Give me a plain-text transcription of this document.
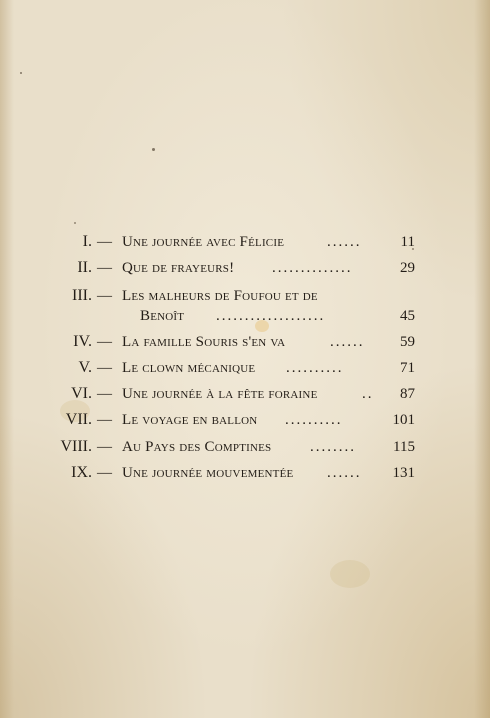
I. — Une journée avec Félicie	......	11
II. — Que de frayeurs!	..............	29
III. — Les malheurs de Foufou et de
Benoît ...................	45
IV. — La famille Souris s'en va	...... 59
V. — Le clown mécanique ..........	71
VI. — Une journée à la fête foraine	.. 87
VII. — Le voyage en ballon ..........	101
VIII. — Au Pays des Comptines	........ 115
IX. — Une journée mouvementée ...... 131
